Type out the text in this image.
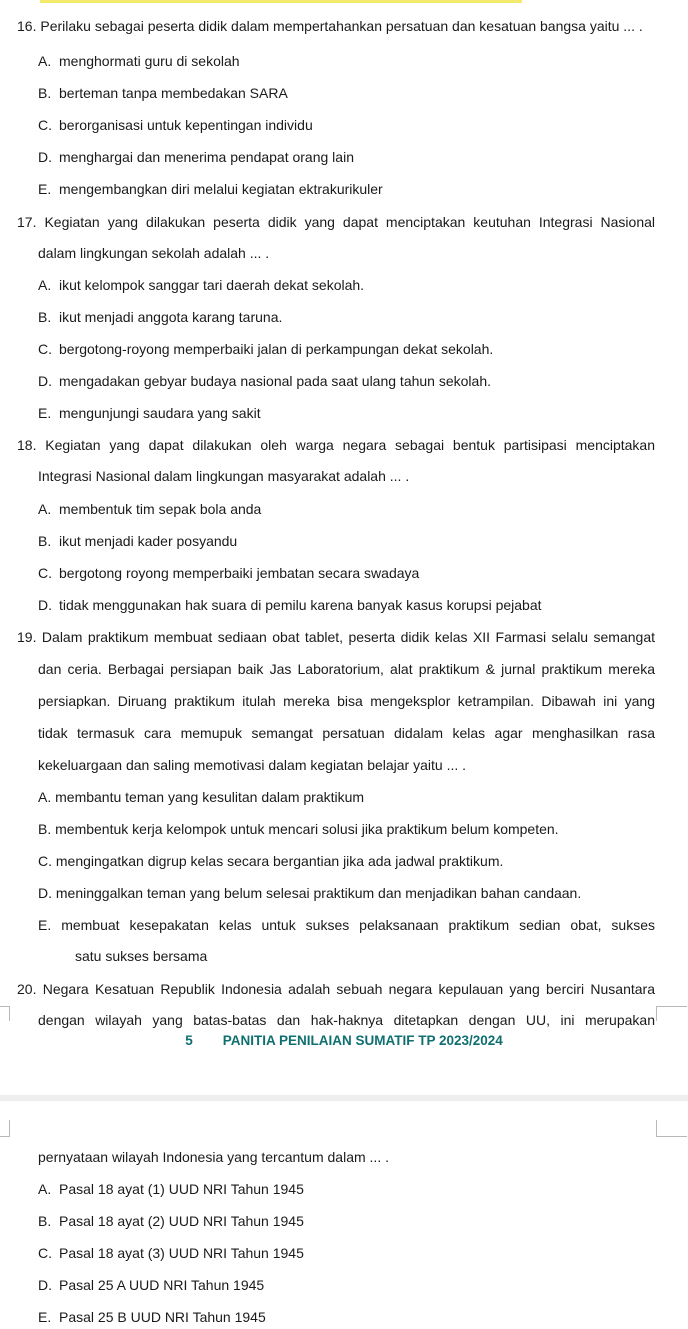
16. Perilaku sebagai peserta didik dalam mempertahankan persatuan dan kesatuan bangsa yaitu ... .
A. menghormati guru di sekolah
B. berteman tanpa membedakan SARA
C. berorganisasi untuk kepentingan individu
D. menghargai dan menerima pendapat orang lain
E. mengembangkan diri melalui kegiatan ektrakurikuler
17. Kegiatan yang dilakukan peserta didik yang dapat menciptakan keutuhan Integrasi Nasional
dalam lingkungan sekolah adalah ... .
A. ikut kelompok sanggar tari daerah dekat sekolah.
B. ikut menjadi anggota karang taruna.
C. bergotong-royong memperbaiki jalan di perkampungan dekat sekolah.
D. mengadakan gebyar budaya nasional pada saat ulang tahun sekolah.
E. mengunjungi saudara yang sakit
18. Kegiatan yang dapat dilakukan oleh warga negara sebagai bentuk partisipasi menciptakan
Integrasi Nasional dalam lingkungan masyarakat adalah ... .
A. membentuk tim sepak bola anda
B. ikut menjadi kader posyandu
C. bergotong royong memperbaiki jembatan secara swadaya
D. tidak menggunakan hak suara di pemilu karena banyak kasus korupsi pejabat
19. Dalam praktikum membuat sediaan obat tablet, peserta didik kelas XII Farmasi selalu semangat
dan ceria. Berbagai persiapan baik Jas Laboratorium, alat praktikum & jurnal praktikum mereka
persiapkan. Diruang praktikum itulah mereka bisa mengeksplor ketrampilan. Dibawah ini yang
tidak termasuk cara memupuk semangat persatuan didalam kelas agar menghasilkan rasa
kekeluargaan dan saling memotivasi dalam kegiatan belajar yaitu ... .
A. membantu teman yang kesulitan dalam praktikum
B. membentuk kerja kelompok untuk mencari solusi jika praktikum belum kompeten.
C. mengingatkan digrup kelas secara bergantian jika ada jadwal praktikum.
D. meninggalkan teman yang belum selesai praktikum dan menjadikan bahan candaan.
E. membuat kesepakatan kelas untuk sukses pelaksanaan praktikum sedian obat, sukses
satu sukses bersama
20. Negara Kesatuan Republik Indonesia adalah sebuah negara kepulauan yang berciri Nusantara
dengan wilayah yang batas-batas dan hak-haknya ditetapkan dengan UU, ini merupakan
5 PANITIA PENILAIAN SUMATIF TP 2023/2024
pernyataan wilayah Indonesia yang tercantum dalam ... .
A. Pasal 18 ayat (1) UUD NRI Tahun 1945
B. Pasal 18 ayat (2) UUD NRI Tahun 1945
C. Pasal 18 ayat (3) UUD NRI Tahun 1945
D. Pasal 25 A UUD NRI Tahun 1945
E. Pasal 25 B UUD NRI Tahun 1945
